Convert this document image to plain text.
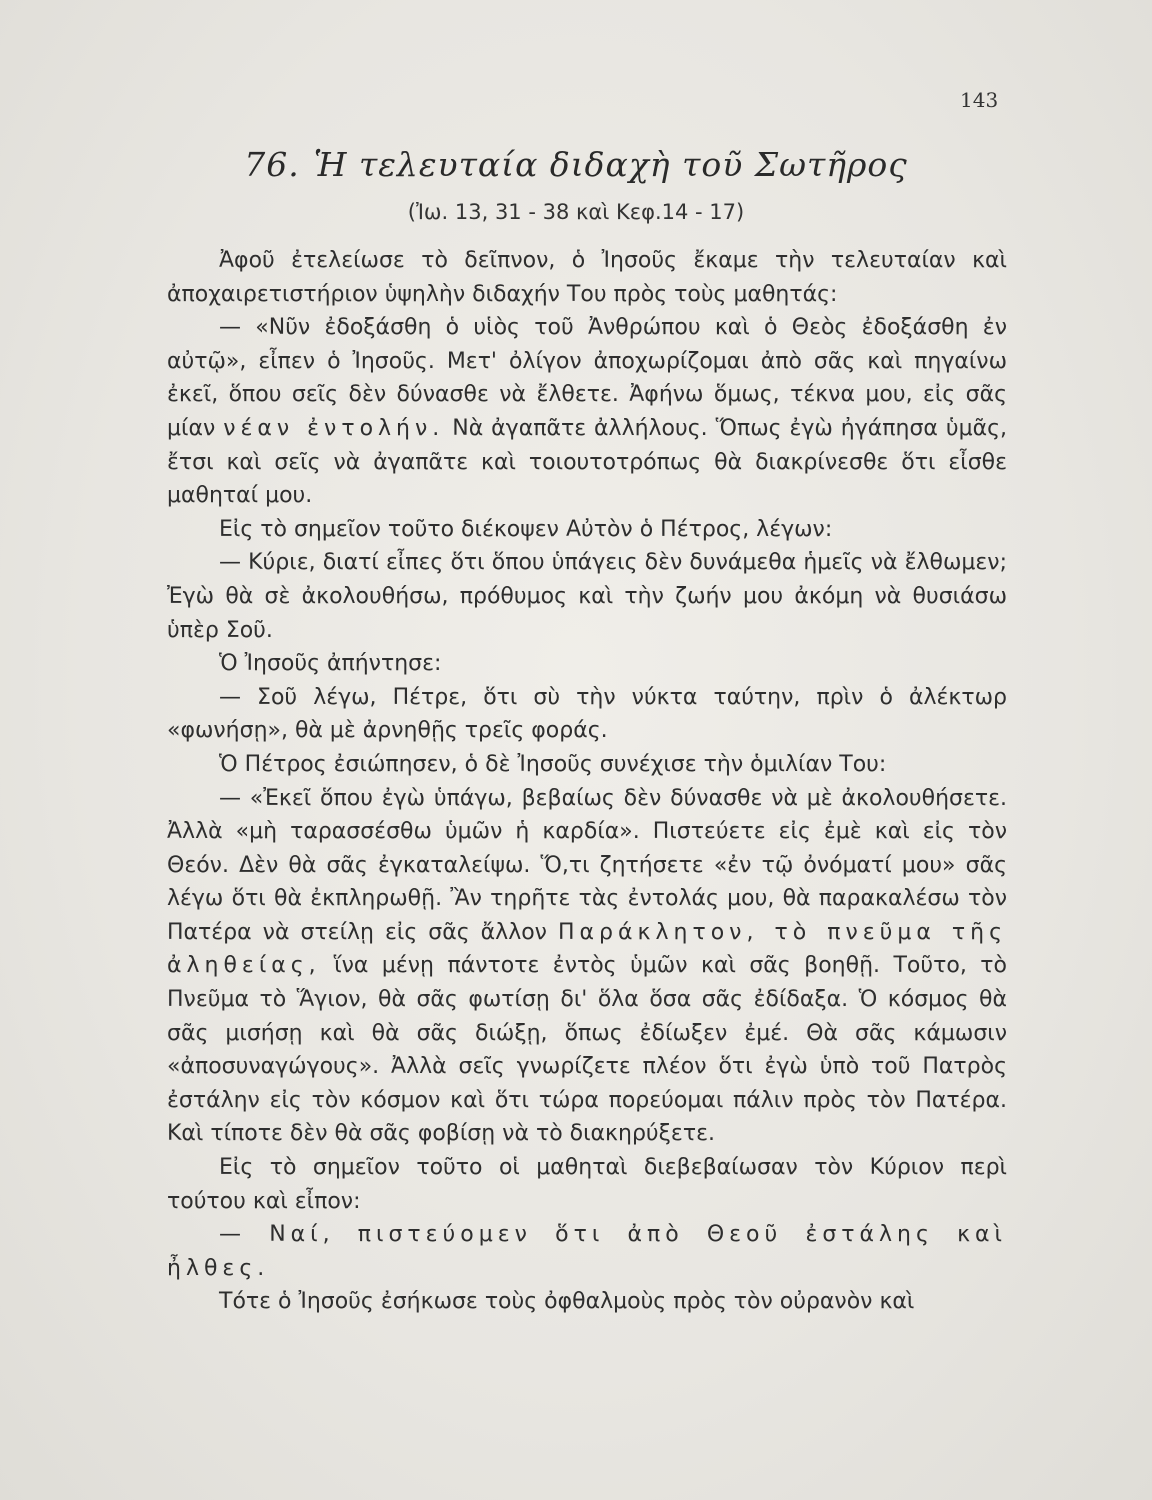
143
76. Ἡ τελευταία διδαχὴ τοῦ Σωτῆρος
(Ἰω. 13, 31 - 38 καὶ Κεφ.14 - 17)

Ἀφοῦ ἐτελείωσε τὸ δεῖπνον, ὁ Ἰησοῦς ἔκαμε τὴν τελευταίαν καὶ ἀποχαιρετιστήριον ὑψηλὴν διδαχήν Του πρὸς τοὺς μαθητάς:

— «Νῦν ἐδοξάσθη ὁ υἱὸς τοῦ Ἀνθρώπου καὶ ὁ Θεὸς ἐδοξάσθη ἐν αὐτῷ», εἶπεν ὁ Ἰησοῦς. Μετ' ὀλίγον ἀποχωρίζομαι ἀπὸ σᾶς καὶ πηγαίνω ἐκεῖ, ὅπου σεῖς δὲν δύνασθε νὰ ἔλθετε. Ἀφήνω ὅμως, τέκνα μου, εἰς σᾶς μίαν νέαν ἐντολήν. Νὰ ἀγαπᾶτε ἀλλήλους. Ὅπως ἐγὼ ἠγάπησα ὑμᾶς, ἔτσι καὶ σεῖς νὰ ἀγαπᾶτε καὶ τοιουτοτρόπως θὰ διακρίνεσθε ὅτι εἶσθε μαθηταί μου.

Εἰς τὸ σημεῖον τοῦτο διέκοψεν Αὐτὸν ὁ Πέτρος, λέγων:

— Κύριε, διατί εἶπες ὅτι ὅπου ὑπάγεις δὲν δυνάμεθα ἡμεῖς νὰ ἔλθωμεν; Ἐγὼ θὰ σὲ ἀκολουθήσω, πρόθυμος καὶ τὴν ζωήν μου ἀκόμη νὰ θυσιάσω ὑπὲρ Σοῦ.

Ὁ Ἰησοῦς ἀπήντησε:

— Σοῦ λέγω, Πέτρε, ὅτι σὺ τὴν νύκτα ταύτην, πρὶν ὁ ἀλέκτωρ «φωνήσῃ», θὰ μὲ ἀρνηθῇς τρεῖς φοράς.

Ὁ Πέτρος ἐσιώπησεν, ὁ δὲ Ἰησοῦς συνέχισε τὴν ὁμιλίαν Του:

— «Ἐκεῖ ὅπου ἐγὼ ὑπάγω, βεβαίως δὲν δύνασθε νὰ μὲ ἀκολουθήσετε. Ἀλλὰ «μὴ ταρασσέσθω ὑμῶν ἡ καρδία». Πιστεύετε εἰς ἐμὲ καὶ εἰς τὸν Θεόν. Δὲν θὰ σᾶς ἐγκαταλείψω. Ὅ,τι ζητήσετε «ἐν τῷ ὀνόματί μου» σᾶς λέγω ὅτι θὰ ἐκπληρωθῇ. Ἂν τηρῆτε τὰς ἐντολάς μου, θὰ παρακαλέσω τὸν Πατέρα νὰ στείλῃ εἰς σᾶς ἄλλον Παράκλητον, τὸ πνεῦμα τῆς ἀληθείας, ἵνα μένῃ πάντοτε ἐντὸς ὑμῶν καὶ σᾶς βοηθῇ. Τοῦτο, τὸ Πνεῦμα τὸ Ἅγιον, θὰ σᾶς φωτίσῃ δι' ὅλα ὅσα σᾶς ἐδίδαξα. Ὁ κόσμος θὰ σᾶς μισήσῃ καὶ θὰ σᾶς διώξῃ, ὅπως ἐδίωξεν ἐμέ. Θὰ σᾶς κάμωσιν «ἀποσυναγώγους». Ἀλλὰ σεῖς γνωρίζετε πλέον ὅτι ἐγὼ ὑπὸ τοῦ Πατρὸς ἐστάλην εἰς τὸν κόσμον καὶ ὅτι τώρα πορεύομαι πάλιν πρὸς τὸν Πατέρα. Καὶ τίποτε δὲν θὰ σᾶς φοβίσῃ νὰ τὸ διακηρύξετε.

Εἰς τὸ σημεῖον τοῦτο οἱ μαθηταὶ διεβεβαίωσαν τὸν Κύριον περὶ τούτου καὶ εἶπον:

— Ναί, πιστεύομεν ὅτι ἀπὸ Θεοῦ ἐστάλης καὶ ἦλθες.

Τότε ὁ Ἰησοῦς ἐσήκωσε τοὺς ὀφθαλμοὺς πρὸς τὸν οὐρανὸν καὶ
